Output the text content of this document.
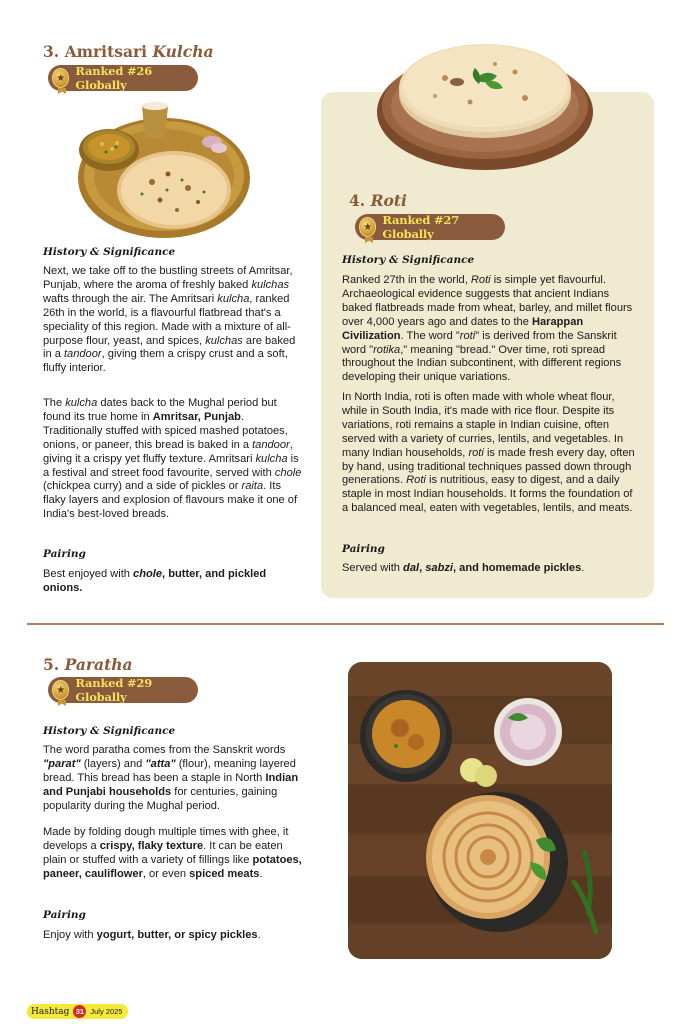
3. Amritsari Kulcha
★ Ranked #26 Globally
History & Significance
Next, we take off to the bustling streets of Amritsar, Punjab, where the aroma of freshly baked kulchas wafts through the air. The Amritsari kulcha, ranked 26th in the world, is a flavourful flatbread that's a speciality of this region. Made with a mixture of all-purpose flour, yeast, and spices, kulchas are baked in a tandoor, giving them a crispy crust and a soft, fluffy interior.
The kulcha dates back to the Mughal period but found its true home in Amritsar, Punjab. Traditionally stuffed with spiced mashed potatoes, onions, or paneer, this bread is baked in a tandoor, giving it a crispy yet fluffy texture. Amritsari kulcha is a festival and street food favourite, served with chole (chickpea curry) and a side of pickles or raita. Its flaky layers and explosion of flavours make it one of India's best-loved breads.
Pairing
Best enjoyed with chole, butter, and pickled onions.
4. Roti
★ Ranked #27 Globally
History & Significance
Ranked 27th in the world, Roti is simple yet flavourful. Archaeological evidence suggests that ancient Indians baked flatbreads made from wheat, barley, and millet flours over 4,000 years ago and dates to the Harappan Civilization. The word "roti" is derived from the Sanskrit word "rotika," meaning "bread." Over time, roti spread throughout the Indian subcontinent, with different regions developing their unique variations.
In North India, roti is often made with whole wheat flour, while in South India, it's made with rice flour. Despite its variations, roti remains a staple in Indian cuisine, often served with a variety of curries, lentils, and vegetables. In many Indian households, roti is made fresh every day, often by hand, using traditional techniques passed down through generations. Roti is nutritious, easy to digest, and a daily staple in most Indian households. It forms the foundation of a balanced meal, eaten with vegetables, lentils, and meats.
Pairing
Served with dal, sabzi, and homemade pickles.
5. Paratha
★ Ranked #29 Globally
History & Significance
The word paratha comes from the Sanskrit words "parat" (layers) and "atta" (flour), meaning layered bread. This bread has been a staple in North Indian and Punjabi households for centuries, gaining popularity during the Mughal period.
Made by folding dough multiple times with ghee, it develops a crispy, flaky texture. It can be eaten plain or stuffed with a variety of fillings like potatoes, paneer, cauliflower, or even spiced meats.
Pairing
Enjoy with yogurt, butter, or spicy pickles.
Hashtag 31 July 2025
